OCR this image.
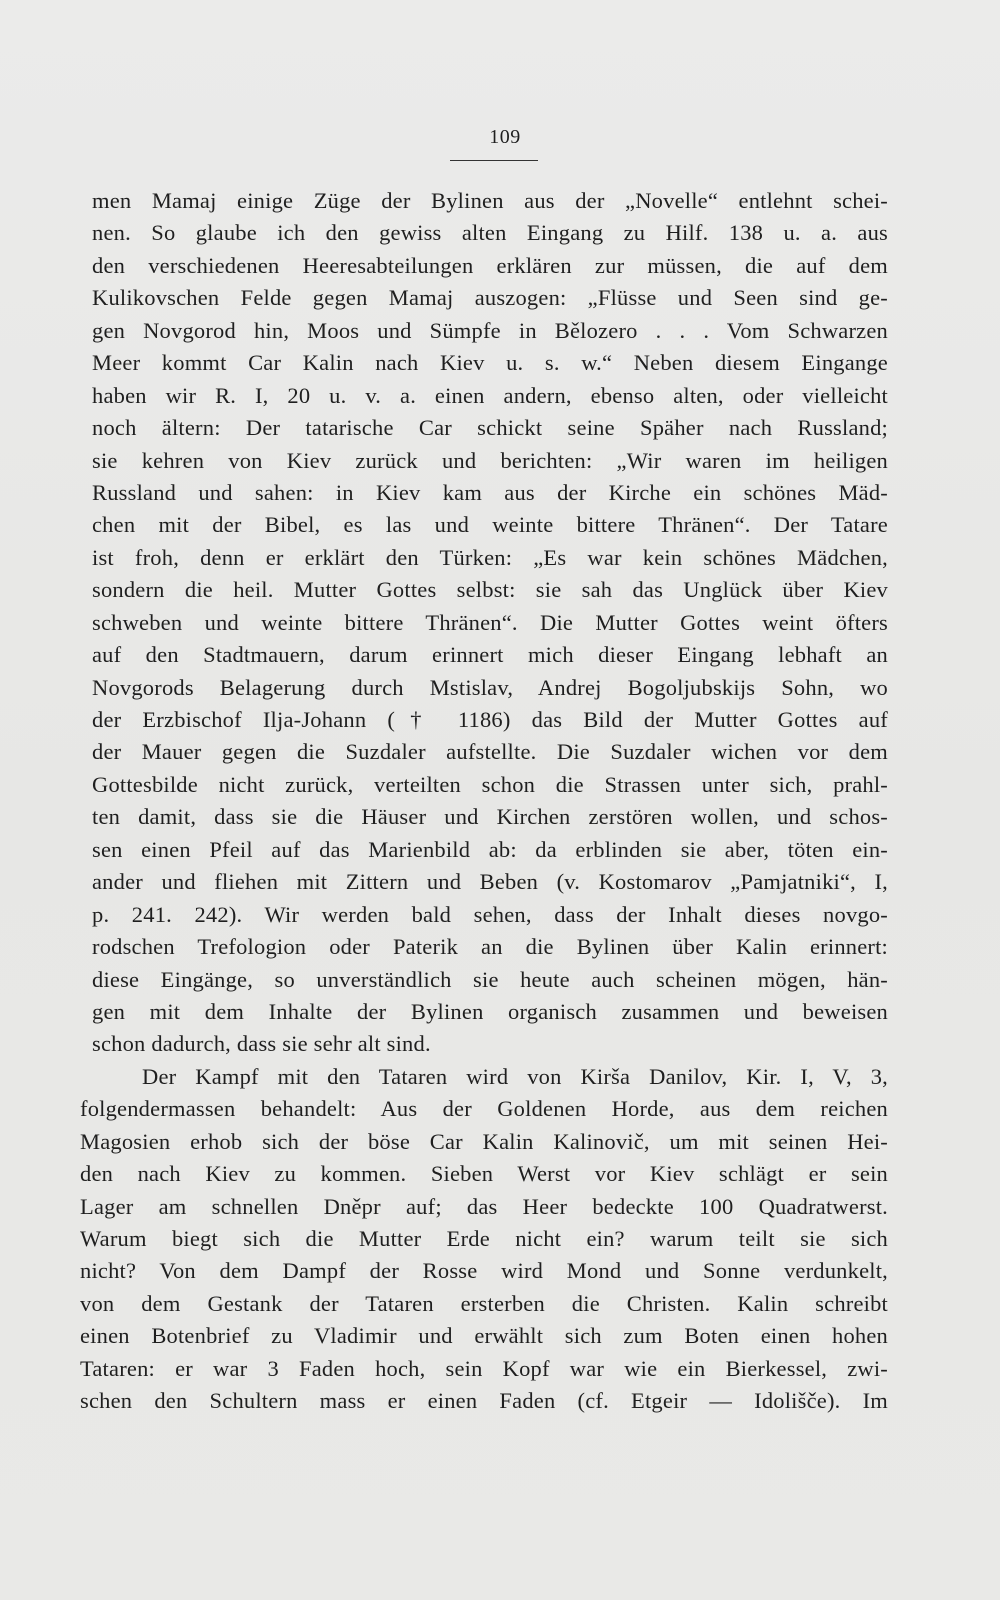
109
men Mamaj einige Züge der Bylinen aus der „Novelle“ entlehnt schei-
nen. So glaube ich den gewiss alten Eingang zu Hilf. 138 u. a. aus
den verschiedenen Heeresabteilungen erklären zur müssen, die auf dem
Kulikovschen Felde gegen Mamaj auszogen: „Flüsse und Seen sind ge-
gen Novgorod hin, Moos und Sümpfe in Bělozero . . . Vom Schwarzen
Meer kommt Car Kalin nach Kiev u. s. w.“ Neben diesem Eingange
haben wir R. I, 20 u. v. a. einen andern, ebenso alten, oder vielleicht
noch ältern: Der tatarische Car schickt seine Späher nach Russland;
sie kehren von Kiev zurück und berichten: „Wir waren im heiligen
Russland und sahen: in Kiev kam aus der Kirche ein schönes Mäd-
chen mit der Bibel, es las und weinte bittere Thränen“. Der Tatare
ist froh, denn er erklärt den Türken: „Es war kein schönes Mädchen,
sondern die heil. Mutter Gottes selbst: sie sah das Unglück über Kiev
schweben und weinte bittere Thränen“. Die Mutter Gottes weint öfters
auf den Stadtmauern, darum erinnert mich dieser Eingang lebhaft an
Novgorods Belagerung durch Mstislav, Andrej Bogoljubskijs Sohn, wo
der Erzbischof Ilja-Johann († 1186) das Bild der Mutter Gottes auf
der Mauer gegen die Suzdaler aufstellte. Die Suzdaler wichen vor dem
Gottesbilde nicht zurück, verteilten schon die Strassen unter sich, prahl-
ten damit, dass sie die Häuser und Kirchen zerstören wollen, und schos-
sen einen Pfeil auf das Marienbild ab: da erblinden sie aber, töten ein-
ander und fliehen mit Zittern und Beben (v. Kostomarov „Pamjatniki“, I,
p. 241. 242). Wir werden bald sehen, dass der Inhalt dieses novgo-
rodschen Trefologion oder Paterik an die Bylinen über Kalin erinnert:
diese Eingänge, so unverständlich sie heute auch scheinen mögen, hän-
gen mit dem Inhalte der Bylinen organisch zusammen und beweisen
schon dadurch, dass sie sehr alt sind.
Der Kampf mit den Tataren wird von Kirša Danilov, Kir. I, V, 3,
folgendermassen behandelt: Aus der Goldenen Horde, aus dem reichen
Magosien erhob sich der böse Car Kalin Kalinovič, um mit seinen Hei-
den nach Kiev zu kommen. Sieben Werst vor Kiev schlägt er sein
Lager am schnellen Dněpr auf; das Heer bedeckte 100 Quadratwerst.
Warum biegt sich die Mutter Erde nicht ein? warum teilt sie sich
nicht? Von dem Dampf der Rosse wird Mond und Sonne verdunkelt,
von dem Gestank der Tataren ersterben die Christen. Kalin schreibt
einen Botenbrief zu Vladimir und erwählt sich zum Boten einen hohen
Tataren: er war 3 Faden hoch, sein Kopf war wie ein Bierkessel, zwi-
schen den Schultern mass er einen Faden (cf. Etgeir — Idolišče). Im
